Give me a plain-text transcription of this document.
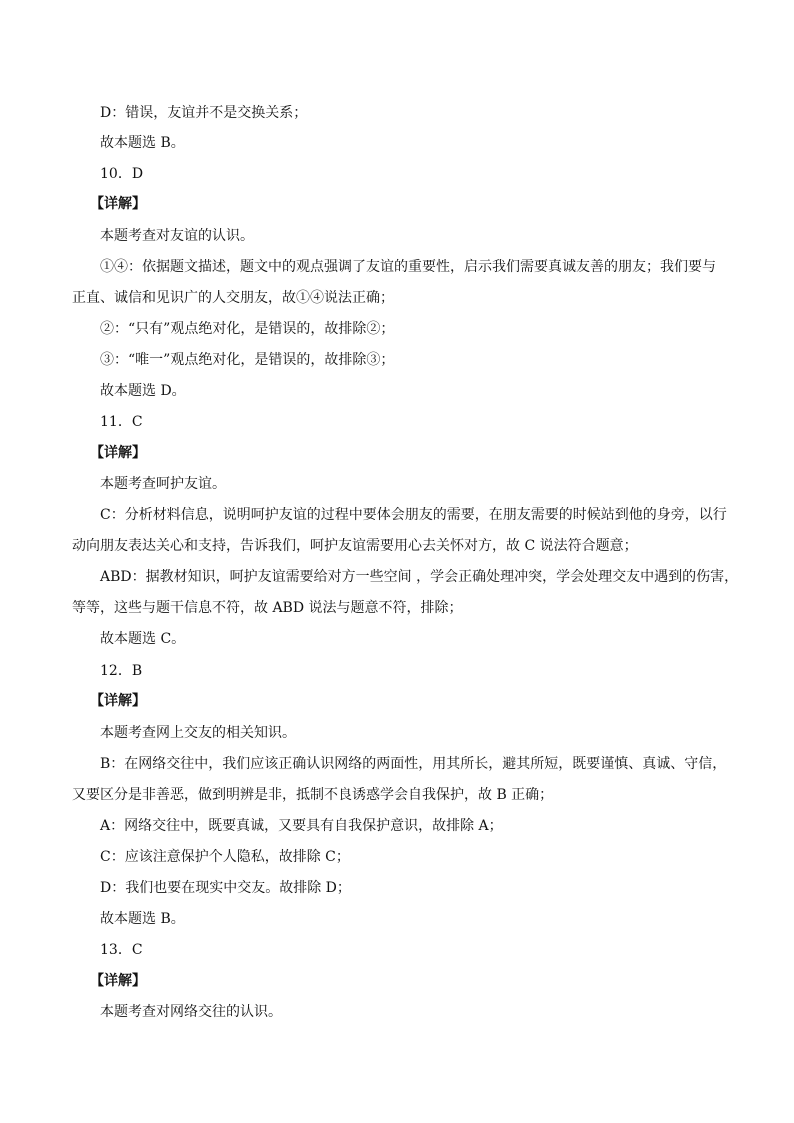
D：错误，友谊并不是交换关系；
故本题选 B。
10．D
【详解】
本题考查对友谊的认识。
①④：依据题文描述，题文中的观点强调了友谊的重要性，启示我们需要真诚友善的朋友；我们要与
正直、诚信和见识广的人交朋友，故①④说法正确；
②：“只有”观点绝对化，是错误的，故排除②；
③：“唯一”观点绝对化，是错误的，故排除③；
故本题选 D。
11．C
【详解】
本题考查呵护友谊。
C：分析材料信息，说明呵护友谊的过程中要体会朋友的需要，在朋友需要的时候站到他的身旁，以行
动向朋友表达关心和支持，告诉我们，呵护友谊需要用心去关怀对方，故 C 说法符合题意；
ABD：据教材知识，呵护友谊需要给对方一些空间 ，学会正确处理冲突，学会处理交友中遇到的伤害，
等等，这些与题干信息不符，故 ABD 说法与题意不符，排除；
故本题选 C。
12．B
【详解】
本题考查网上交友的相关知识。
B：在网络交往中，我们应该正确认识网络的两面性，用其所长，避其所短，既要谨慎、真诚、守信，
又要区分是非善恶，做到明辨是非，抵制不良诱惑学会自我保护，故 B 正确；
A：网络交往中，既要真诚，又要具有自我保护意识，故排除 A；
C：应该注意保护个人隐私，故排除 C；
D：我们也要在现实中交友。故排除 D；
故本题选 B。
13．C
【详解】
本题考查对网络交往的认识。
